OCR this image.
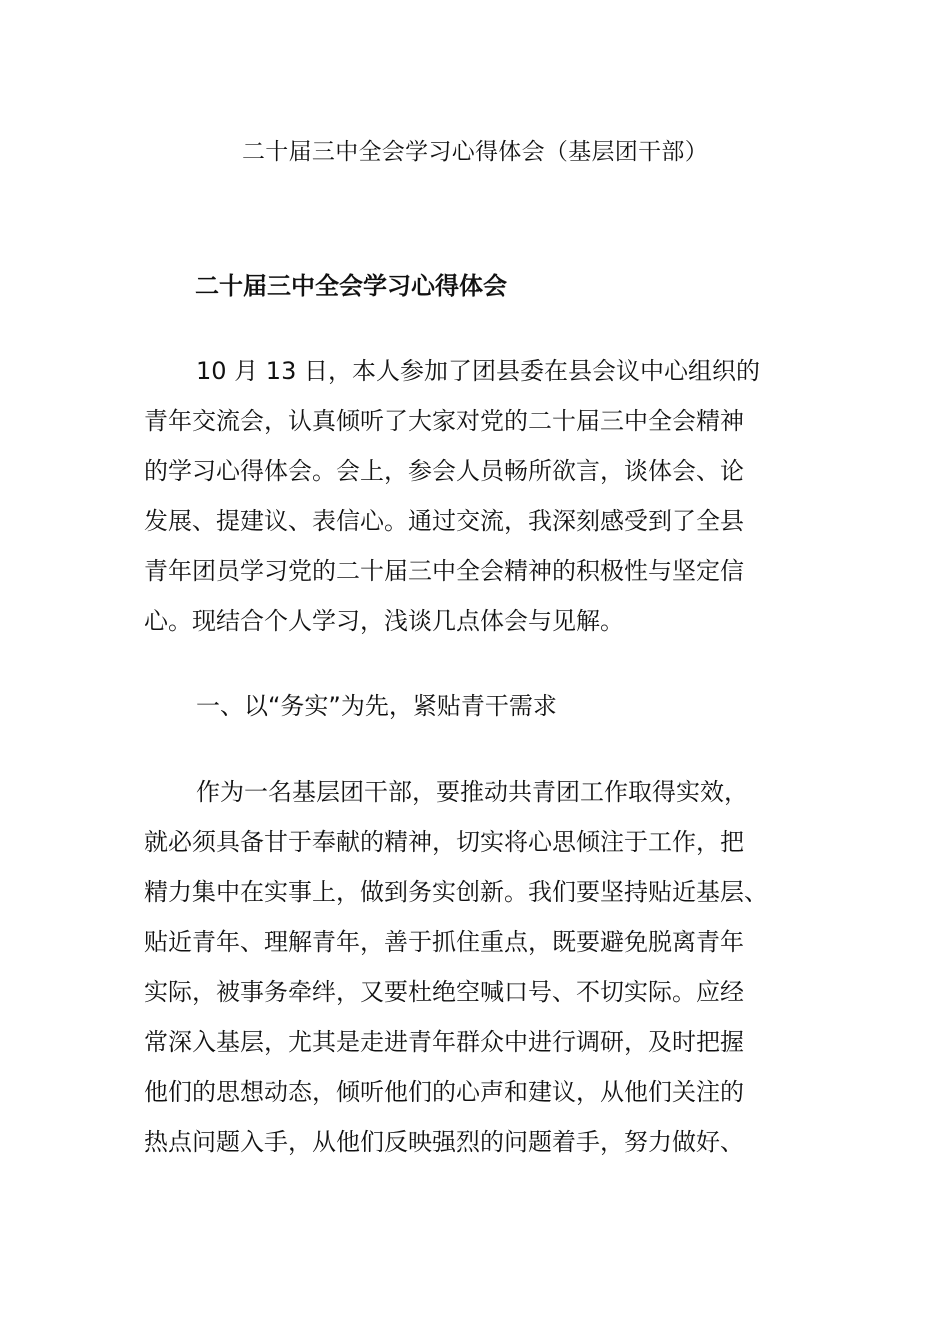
二十届三中全会学习心得体会（基层团干部）
二十届三中全会学习心得体会
10 月 13 日，本人参加了团县委在县会议中心组织的
青年交流会，认真倾听了大家对党的二十届三中全会精神
的学习心得体会。会上，参会人员畅所欲言，谈体会、论
发展、提建议、表信心。通过交流，我深刻感受到了全县
青年团员学习党的二十届三中全会精神的积极性与坚定信
心。现结合个人学习，浅谈几点体会与见解。
一、以“务实”为先，紧贴青干需求
作为一名基层团干部，要推动共青团工作取得实效，
就必须具备甘于奉献的精神，切实将心思倾注于工作，把
精力集中在实事上，做到务实创新。我们要坚持贴近基层、
贴近青年、理解青年，善于抓住重点，既要避免脱离青年
实际，被事务牵绊，又要杜绝空喊口号、不切实际。应经
常深入基层，尤其是走进青年群众中进行调研，及时把握
他们的思想动态，倾听他们的心声和建议，从他们关注的
热点问题入手，从他们反映强烈的问题着手，努力做好、
